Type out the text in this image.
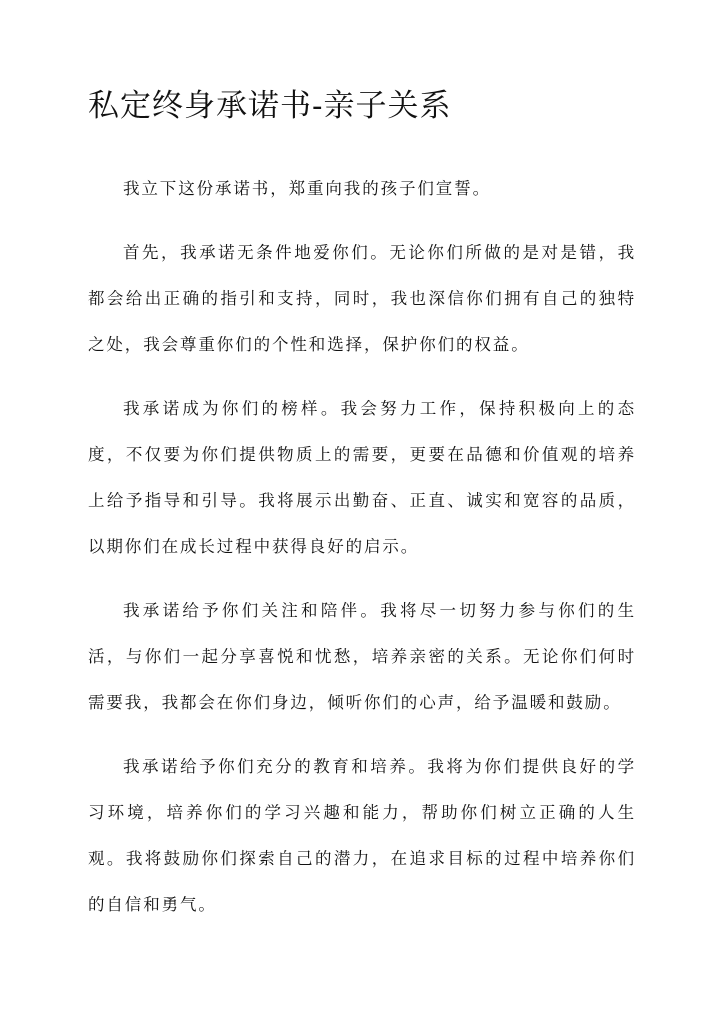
私定终身承诺书-亲子关系

我立下这份承诺书，郑重向我的孩子们宣誓。

首先，我承诺无条件地爱你们。无论你们所做的是对是错，我都会给出正确的指引和支持，同时，我也深信你们拥有自己的独特之处，我会尊重你们的个性和选择，保护你们的权益。

我承诺成为你们的榜样。我会努力工作，保持积极向上的态度，不仅要为你们提供物质上的需要，更要在品德和价值观的培养上给予指导和引导。我将展示出勤奋、正直、诚实和宽容的品质，以期你们在成长过程中获得良好的启示。

我承诺给予你们关注和陪伴。我将尽一切努力参与你们的生活，与你们一起分享喜悦和忧愁，培养亲密的关系。无论你们何时需要我，我都会在你们身边，倾听你们的心声，给予温暖和鼓励。

我承诺给予你们充分的教育和培养。我将为你们提供良好的学习环境，培养你们的学习兴趣和能力，帮助你们树立正确的人生观。我将鼓励你们探索自己的潜力，在追求目标的过程中培养你们的自信和勇气。
